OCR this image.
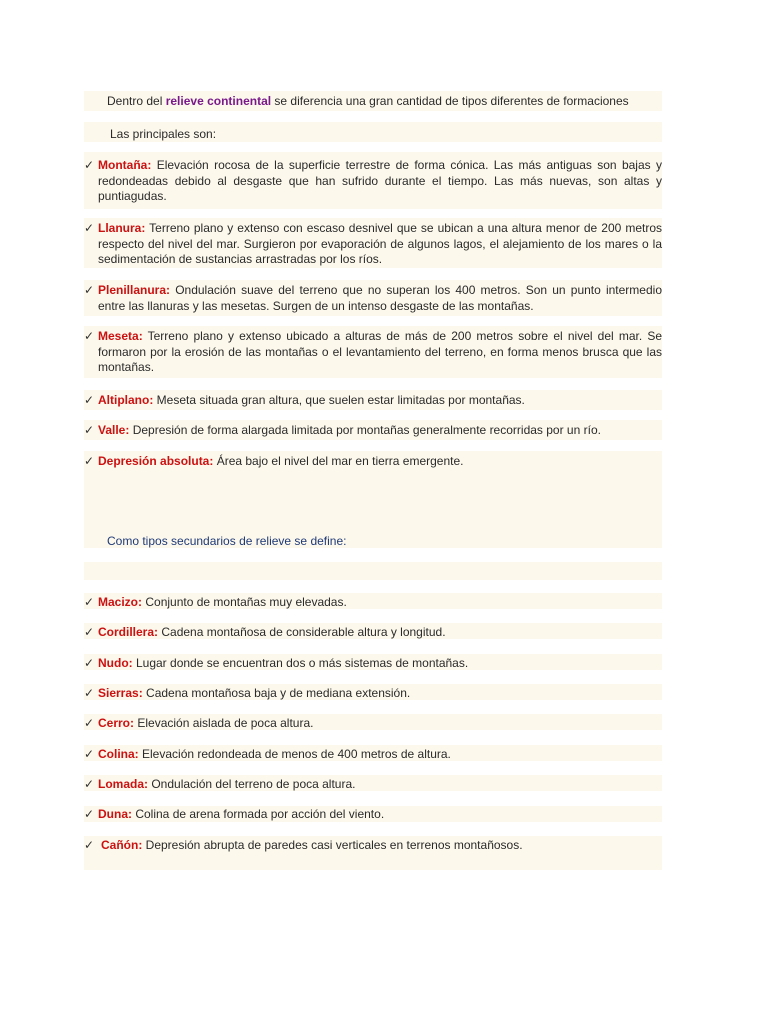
Dentro del relieve continental se diferencia una gran cantidad de tipos diferentes de formaciones

Las principales son:

✓ Montaña: Elevación rocosa de la superficie terrestre de forma cónica. Las más antiguas son bajas y redondeadas debido al desgaste que han sufrido durante el tiempo. Las más nuevas, son altas y puntiagudas.
✓ Llanura: Terreno plano y extenso con escaso desnivel que se ubican a una altura menor de 200 metros respecto del nivel del mar. Surgieron por evaporación de algunos lagos, el alejamiento de los mares o la sedimentación de sustancias arrastradas por los ríos.
✓ Plenillanura: Ondulación suave del terreno que no superan los 400 metros. Son un punto intermedio entre las llanuras y las mesetas. Surgen de un intenso desgaste de las montañas.
✓ Meseta: Terreno plano y extenso ubicado a alturas de más de 200 metros sobre el nivel del mar. Se formaron por la erosión de las montañas o el levantamiento del terreno, en forma menos brusca que las montañas.
✓ Altiplano: Meseta situada gran altura, que suelen estar limitadas por montañas.
✓ Valle: Depresión de forma alargada limitada por montañas generalmente recorridas por un río.
✓ Depresión absoluta: Área bajo el nivel del mar en tierra emergente.

Como tipos secundarios de relieve se define:

✓ Macizo: Conjunto de montañas muy elevadas.
✓ Cordillera: Cadena montañosa de considerable altura y longitud.
✓ Nudo: Lugar donde se encuentran dos o más sistemas de montañas.
✓ Sierras: Cadena montañosa baja y de mediana extensión.
✓ Cerro: Elevación aislada de poca altura.
✓ Colina: Elevación redondeada de menos de 400 metros de altura.
✓ Lomada: Ondulación del terreno de poca altura.
✓ Duna: Colina de arena formada por acción del viento.
✓ Cañón: Depresión abrupta de paredes casi verticales en terrenos montañosos.
